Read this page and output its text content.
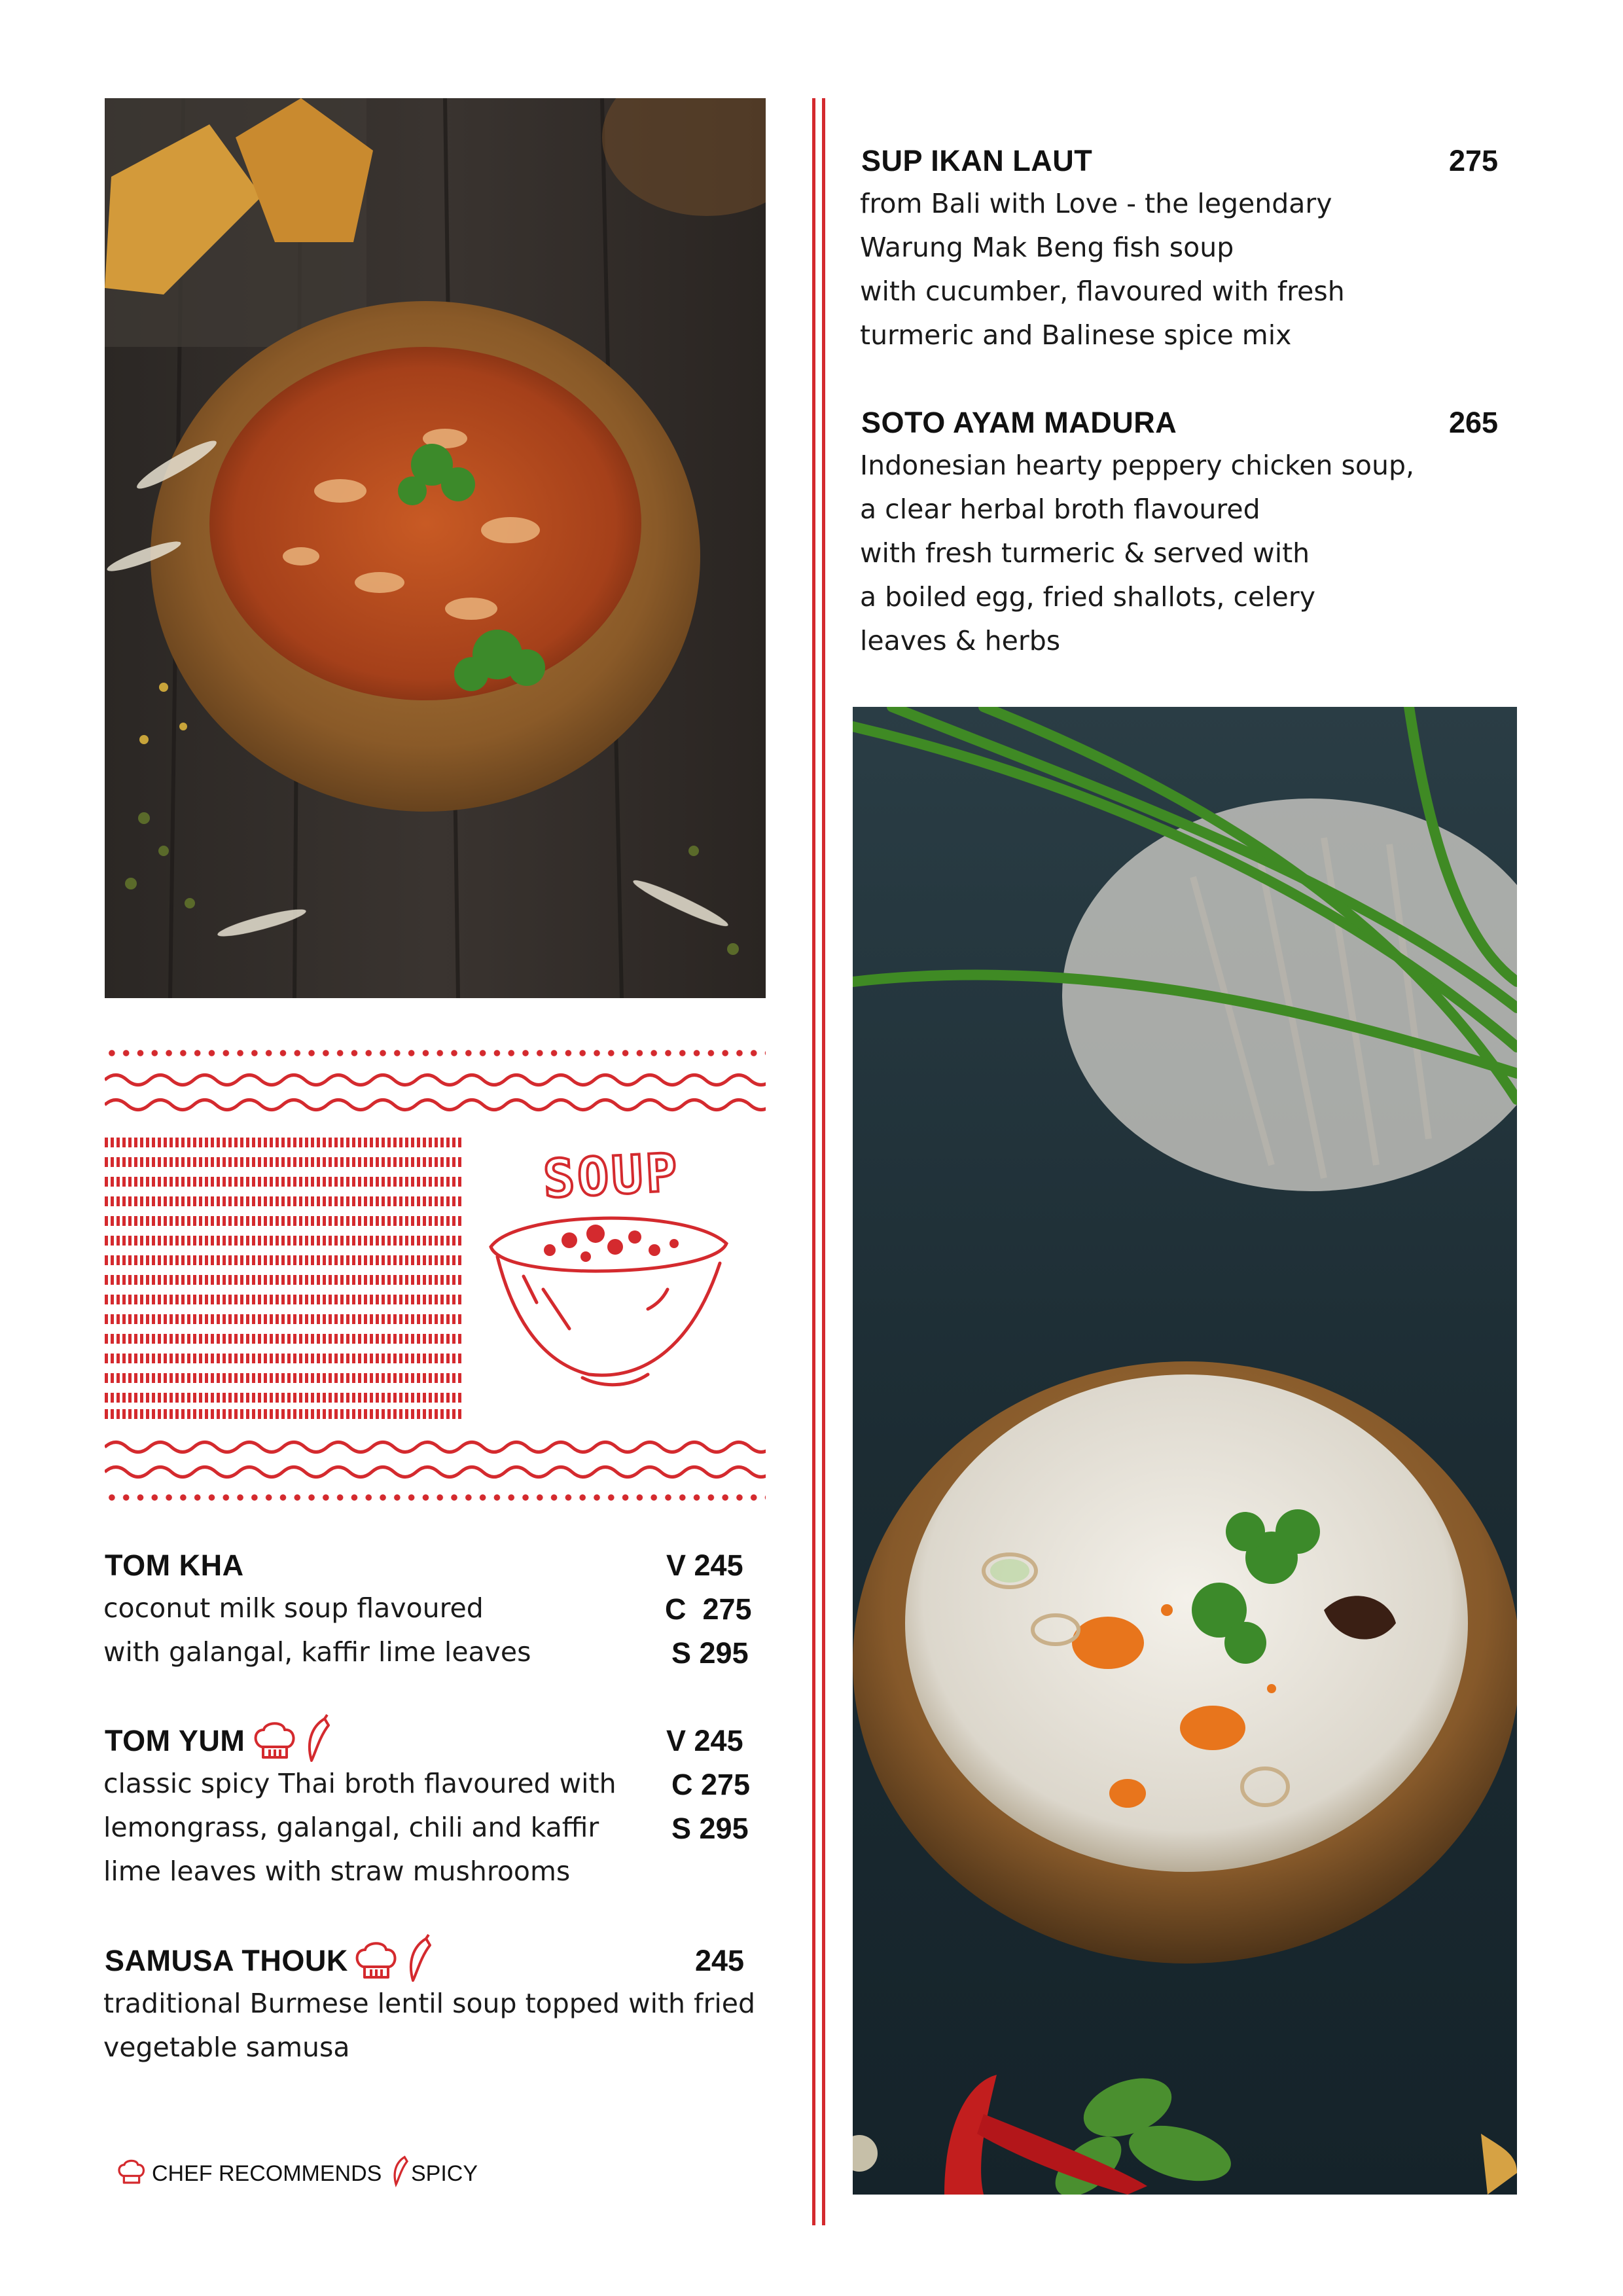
SOUP
TOM KHA	V 245
C  275
S 295
coconut milk soup flavoured
with galangal, kaffir lime leaves
TOM YUM	V 245
C 275
S 295
classic spicy Thai broth flavoured with
lemongrass, galangal, chili and kaffir
lime leaves with straw mushrooms
SAMUSA THOUK	245
traditional Burmese lentil soup topped with fried
vegetable samusa
CHEF RECOMMENDS SPICY
SUP IKAN LAUT	275
from Bali with Love - the legendary
Warung Mak Beng fish soup
with cucumber, flavoured with fresh
turmeric and Balinese spice mix
SOTO AYAM MADURA	265
Indonesian hearty peppery chicken soup,
a clear herbal broth flavoured
with fresh turmeric & served with
a boiled egg, fried shallots, celery
leaves & herbs
